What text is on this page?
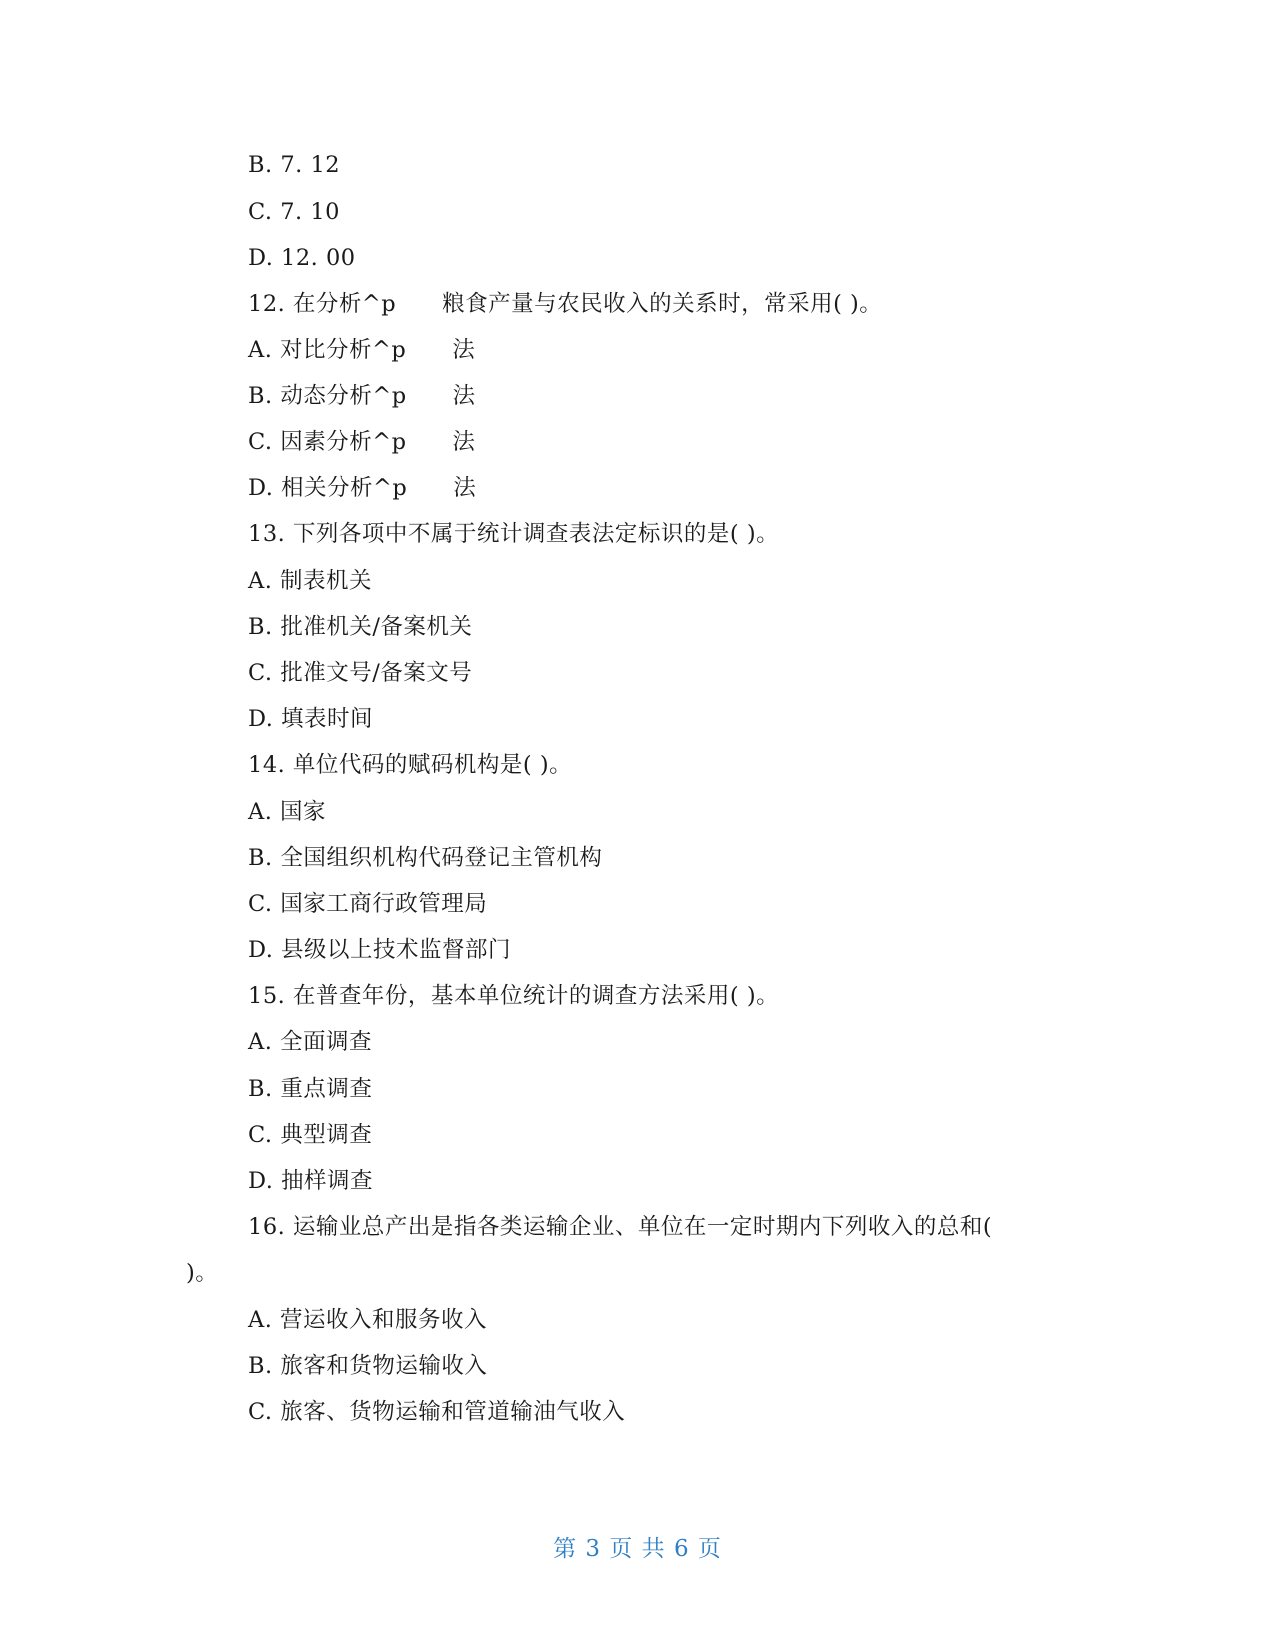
B. 7. 12
C. 7. 10
D. 12. 00
12. 在分析^p      粮食产量与农民收入的关系时，常采用( )。
A. 对比分析^p      法
B. 动态分析^p      法
C. 因素分析^p      法
D. 相关分析^p      法
13. 下列各项中不属于统计调查表法定标识的是( )。
A. 制表机关
B. 批准机关/备案机关
C. 批准文号/备案文号
D. 填表时间
14. 单位代码的赋码机构是( )。
A. 国家
B. 全国组织机构代码登记主管机构
C. 国家工商行政管理局
D. 县级以上技术监督部门
15. 在普查年份，基本单位统计的调查方法采用( )。
A. 全面调查
B. 重点调查
C. 典型调查
D. 抽样调查
16. 运输业总产出是指各类运输企业、单位在一定时期内下列收入的总和(
)。
A. 营运收入和服务收入
B. 旅客和货物运输收入
C. 旅客、货物运输和管道输油气收入
第 3 页 共 6 页
